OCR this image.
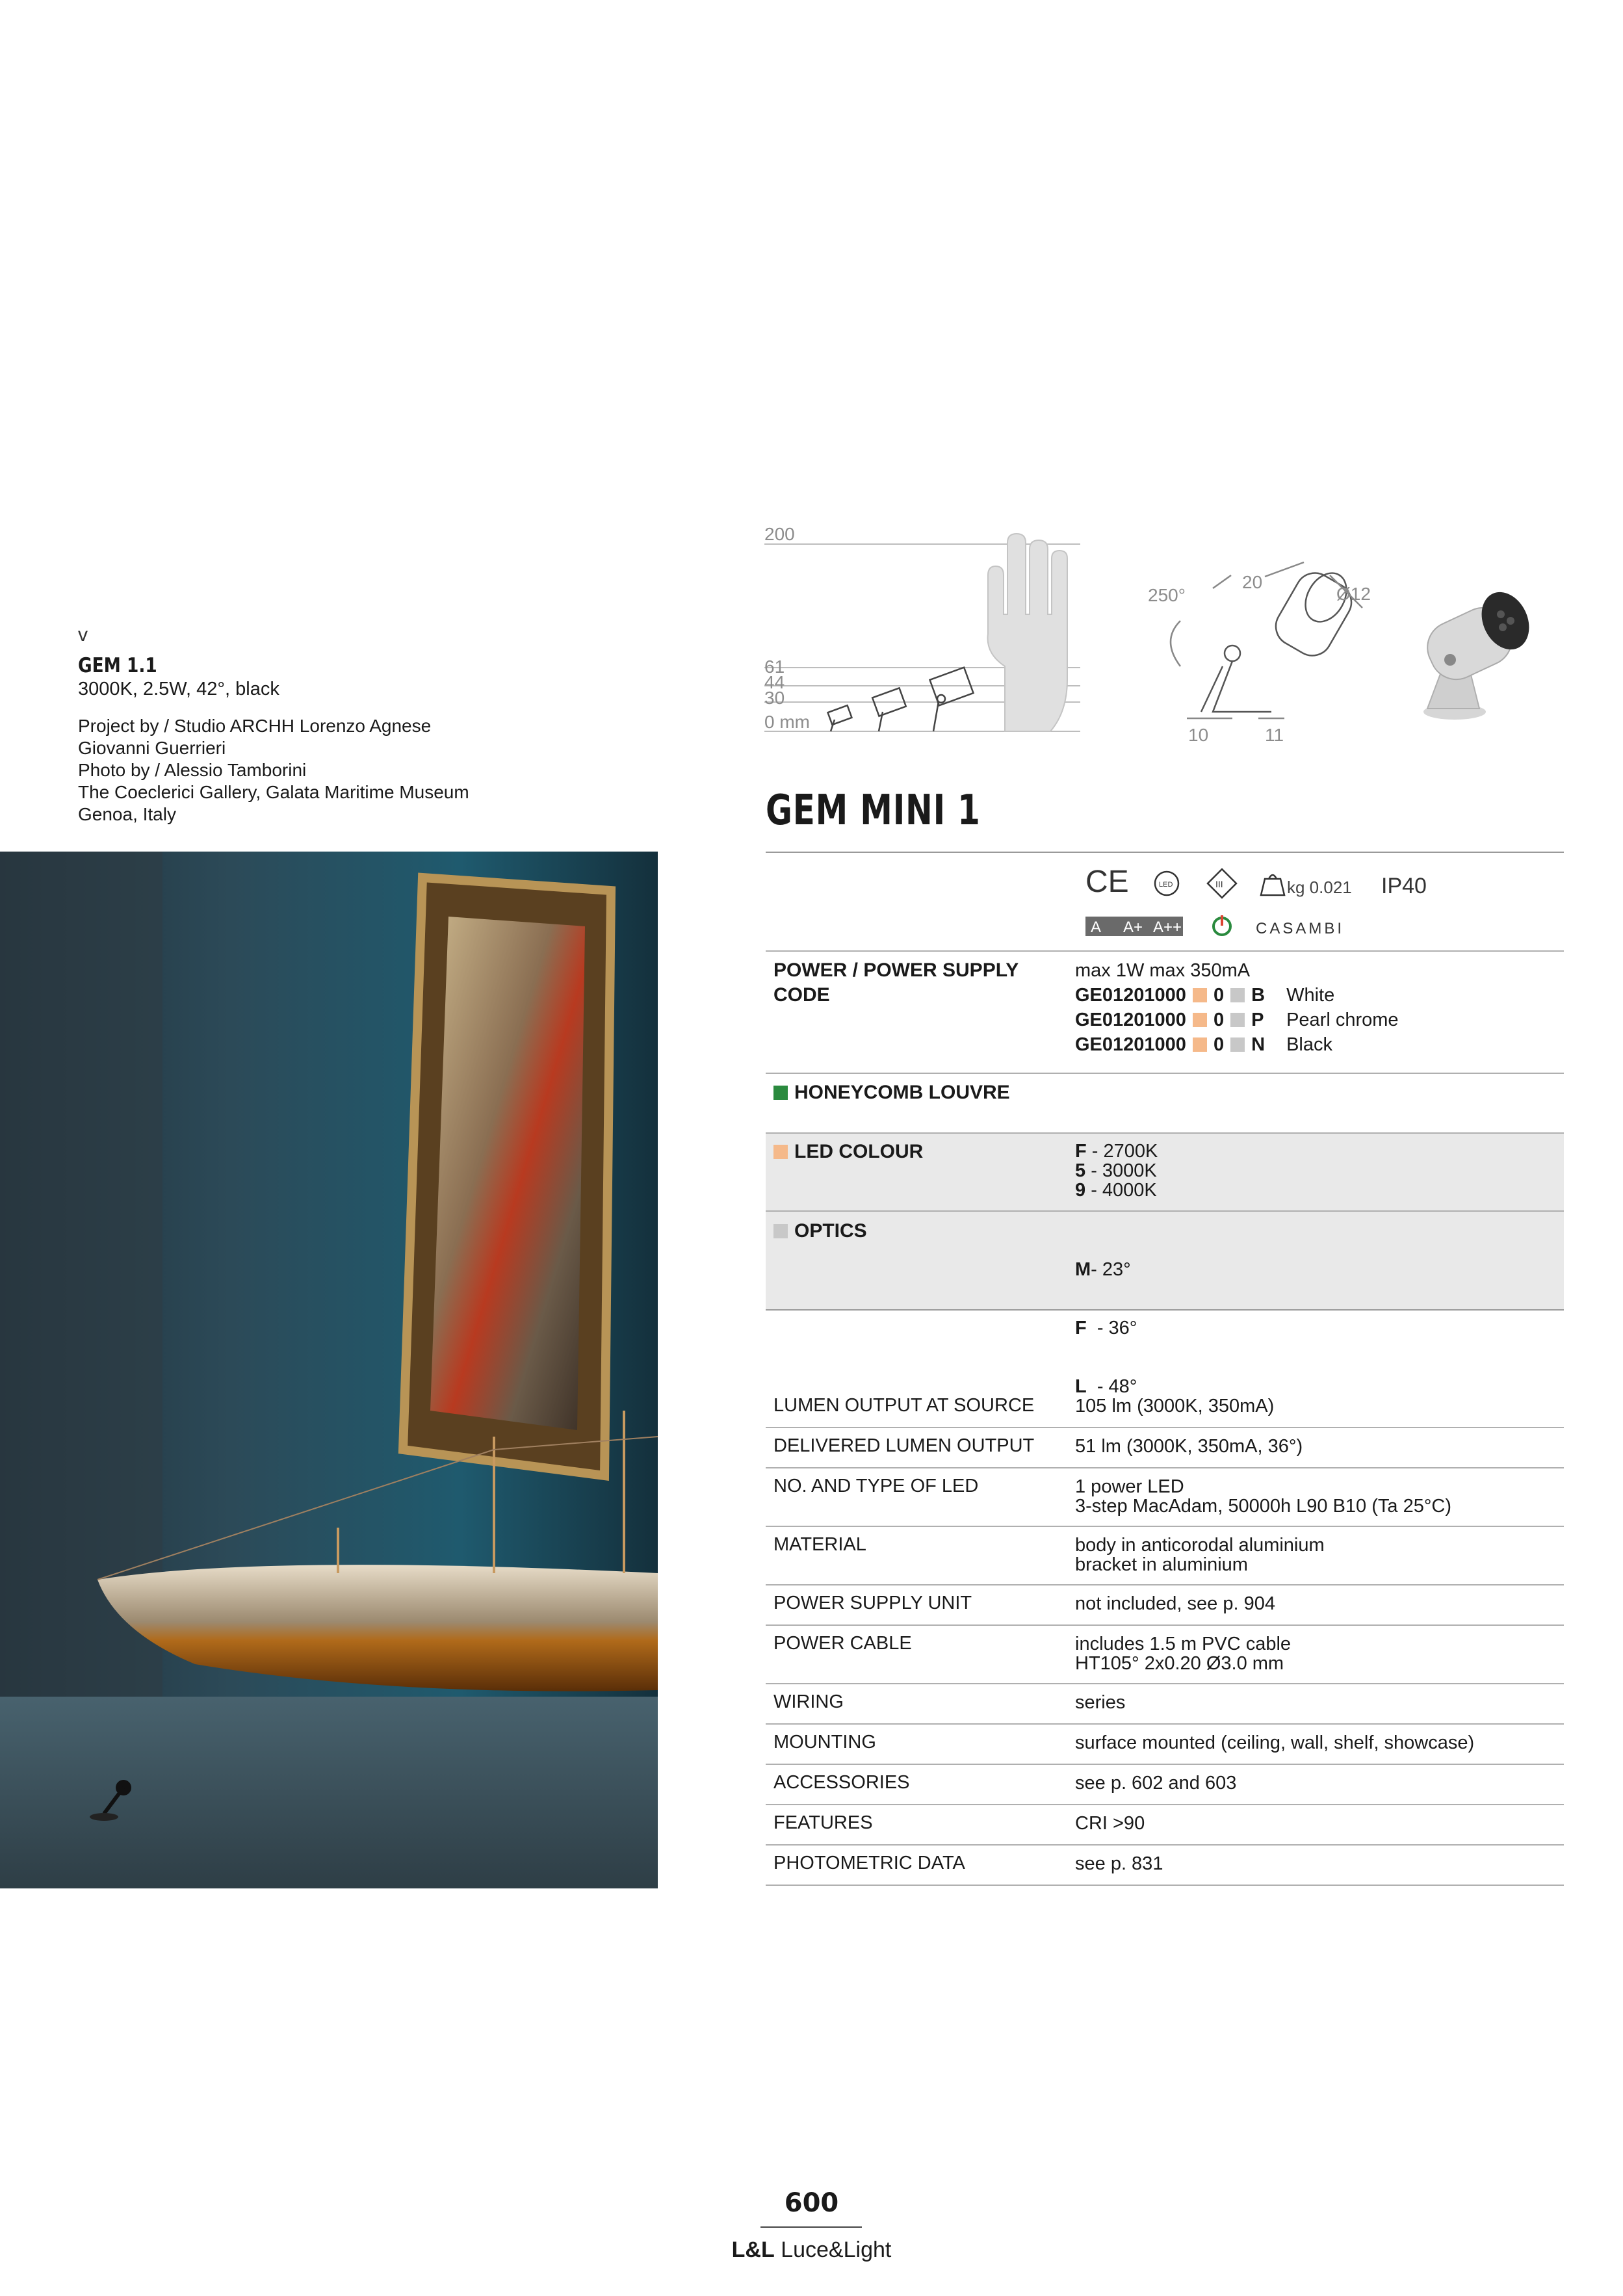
v
GEM 1.1
3000K, 2.5W, 42°, black
Project by / Studio ARCHH Lorenzo Agnese
Giovanni Guerrieri
Photo by / Alessio Tamborini
The Coeclerici Gallery, Galata Maritime Museum
Genoa, Italy
200
61
44
30
0 mm
250°
20
Ø12
10	11
GEM MINI 1
CE	LED	III	kg 0.021 IP40
A A+ A++	CASAMBI
POWER / POWER SUPPLY
CODE
max 1W max 350mA
GE01201000 0 B	White
GE01201000 0 P	Pearl chrome
GE01201000 0 N	Black
HONEYCOMB LOUVRE
LED COLOUR	F - 2700K
5 - 3000K
9 - 4000K
OPTICS

M- 23°

F  - 36°

L  - 48°

LUMEN OUTPUT AT SOURCE 105 lm (3000K, 350mA)
DELIVERED LUMEN OUTPUT 51 lm (3000K, 350mA, 36°)
NO. AND TYPE OF LED	1 power LED
3-step MacAdam, 50000h L90 B10 (Ta 25°C)
MATERIAL	body in anticorodal aluminium
bracket in aluminium
POWER SUPPLY UNIT	not included, see p. 904
POWER CABLE	includes 1.5 m PVC cable
HT105° 2x0.20 Ø3.0 mm
WIRING	series
MOUNTING	surface mounted (ceiling, wall, shelf, showcase)
ACCESSORIES	see p. 602 and 603
FEATURES	CRI >90
PHOTOMETRIC DATA	see p. 831
600
L&L Luce&Light
